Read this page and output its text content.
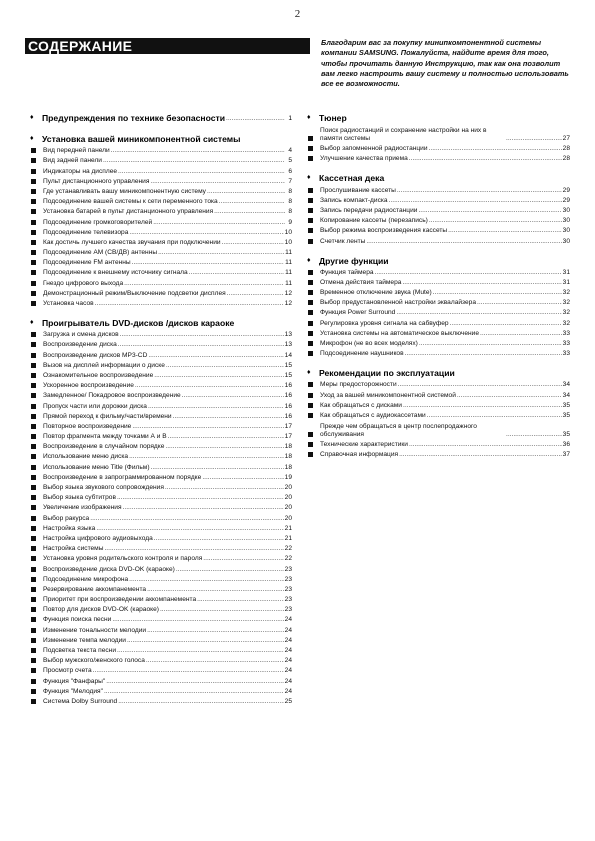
2
СОДЕРЖАНИЕ	Благодарим вас за покупку минипкомпонентной системы компании SAMSUNG. Пожалуйста, найдите время для того, чтобы прочитать данную Инструкцию, так как она позволит вам легко настроить вашу систему и полностью использовать все ее возможности.
♦ Предупреждения по технике безопасности .....	1
♦ Установка вашей миникомпонентной системы
Вид передней панели .....	4
Вид задней панели .....	5
Индикаторы на дисплее .....	6
Пульт дистанционного управления .....	7
Где устанавливать вашу миникомпонентную систему .....	8
Подсоединение вашей системы к сети переменного тока .....	8
Установка батарей в пульт дистанционного управления .....	8
Подсоединение громкоговорителей .....	9
Подсоединение телевизора .....	10
Как достичь лучшего качества звучания при подключении .....	10
Подсоединение AM (СВ/ДВ) антенны .....	11
Подсоединение FM антенны .....	11
Подсоединение к внешнему источнику сигнала .....	11
Гнездо цифрового выхода .....	11
Демонстрационный режим/Выключение подсветки дисплея .....	12
Установка часов .....	12
♦ Проигрыватель DVD-дисков /дисков караоке
Загрузка и смена дисков .....	13
Воспроизведение диска .....	13
Воспроизведение дисков MP3-CD .....	14
Вызов на дисплей информации о диске .....	15
Ознакомительное воспроизведение .....	15
Ускоренное воспроизведение .....	16
Замедленное/ Покадровое воспроизведение .....	16
Пропуск части или дорожки диска .....	16
Прямой переход к фильму/части/времени .....	16
Повторное воспроизведение .....	17
Повтор фрагмента между точками А и В .....	17
Воспроизведение в случайном порядке .....	18
Использование меню диска .....	18
Использование меню Title (Фильм) .....	18
Воспроизведение в запрограммированном порядке .....	19
Выбор языка звукового сопровождения .....	20
Выбор языка субтитров .....	20
Увеличение изображения .....	20
Выбор ракурса .....	20
Настройка языка .....	21
Настройка цифрового аудиовыхода .....	21
Настройка системы .....	22
Установка уровня родительского контроля и пароля .....	22
Воспроизведение диска DVD-OK (караоке) .....	23
Подсоединение микрофона .....	23
Резервирование аккомпанемента .....	23
Приоритет при воспроизведении аккомпанемента .....	23
Повтор для дисков DVD-OK (караоке) .....	23
Функция поиска песни .....	24
Изменение тональности мелодии .....	24
Изменение темпа мелодии .....	24
Подсветка текста песни .....	24
Выбор мужского/женского голоса .....	24
Просмотр счета .....	24
Функция "Фанфары" .....	24
Функция "Мелодия" .....	24
Система Dolby Surround .....	25
♦ Тюнер
Поиск радиостанций и сохранение настройки на них в памяти системы .....	27
Выбор запомненной радиостанции .....	28
Улучшение качества приема .....	28
♦ Кассетная дека
Прослушивание кассеты .....	29
Запись компакт-диска .....	29
Запись передачи радиостанции .....	30
Копирование кассеты (перезапись) .....	30
Выбор режима воспроизведения кассеты .....	30
Счетчик ленты .....	30
♦ Другие функции
Функция таймера .....	31
Отмена действия таймера .....	31
Временное отключение звука (Mute) .....	32
Выбор предустановленной настройки эквалайзера .....	32
Функция Power Surround .....	32
Регулировка уровня сигнала на сабвуфер .....	32
Установка системы на автоматическое выключение .....	33
Микрофон (не во всех моделях) .....	33
Подсоединение наушников .....	33
♦ Рекомендации по эксплуатации
Меры предосторожности .....	34
Уход за вашей миникомпонентной системой .....	34
Как обращаться с дисками .....	35
Как обращаться с аудиокассетами .....	35
Прежде чем обращаться в центр послепродажного обслуживания .....	35
Технические характеристики .....	36
Справочная информация .....	37
